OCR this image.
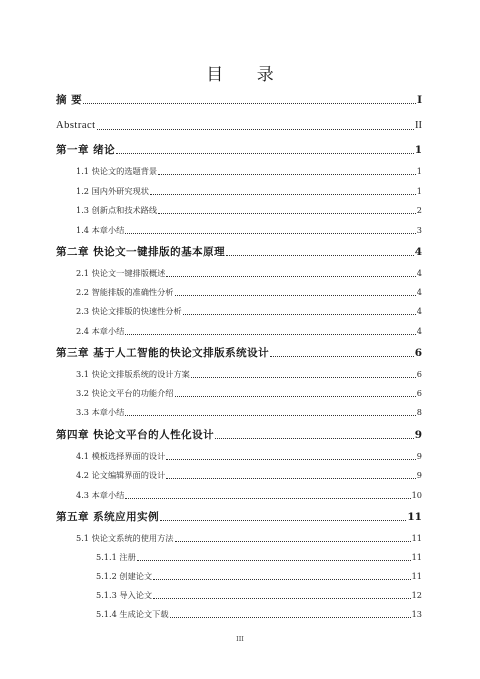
目 录
摘 要	I
Abstract	II
第一章 绪论	1
1.1 快论文的选题背景	1
1.2 国内外研究现状	1
1.3 创新点和技术路线	2
1.4 本章小结	3
第二章 快论文一键排版的基本原理	4
2.1 快论文一键排版概述	4
2.2 智能排版的准确性分析	4
2.3 快论文排版的快速性分析	4
2.4 本章小结	4
第三章 基于人工智能的快论文排版系统设计	6
3.1 快论文排版系统的设计方案	6
3.2 快论文平台的功能介绍	6
3.3 本章小结	8
第四章 快论文平台的人性化设计	9
4.1 模板选择界面的设计	9
4.2 论文编辑界面的设计	9
4.3 本章小结	10
第五章 系统应用实例	11
5.1 快论文系统的使用方法	11
5.1.1 注册	11
5.1.2 创建论文	11
5.1.3 导入论文	12
5.1.4 生成论文下载	13
III
